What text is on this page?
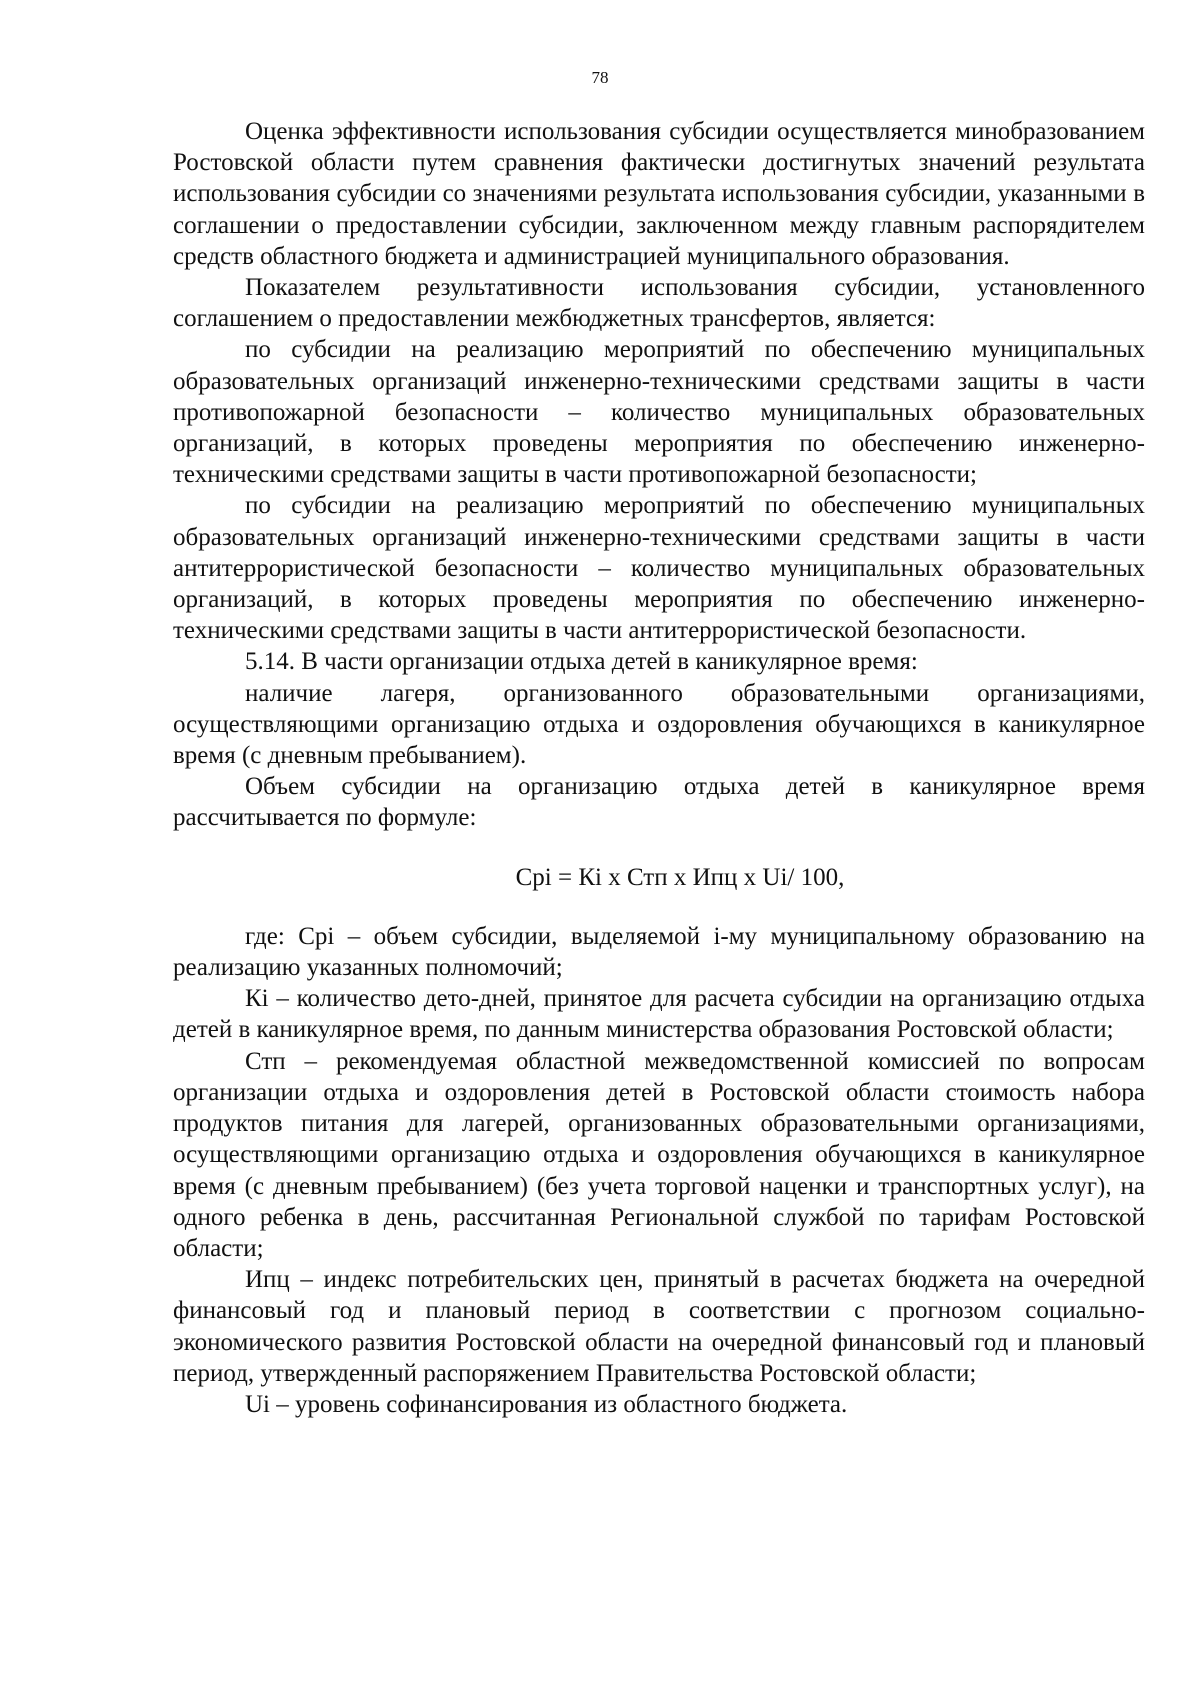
78

Оценка эффективности использования субсидии осуществляется минобразованием Ростовской области путем сравнения фактически достигнутых значений результата использования субсидии со значениями результата использования субсидии, указанными в соглашении о предоставлении субсидии, заключенном между главным распорядителем средств областного бюджета и администрацией муниципального образования.

Показателем результативности использования субсидии, установленного соглашением о предоставлении межбюджетных трансфертов, является:

по субсидии на реализацию мероприятий по обеспечению муниципальных образовательных организаций инженерно-техническими средствами защиты в части противопожарной безопасности – количество муниципальных образовательных организаций, в которых проведены мероприятия по обеспечению инженерно-техническими средствами защиты в части противопожарной безопасности;

по субсидии на реализацию мероприятий по обеспечению муниципальных образовательных организаций инженерно-техническими средствами защиты в части антитеррористической безопасности – количество муниципальных образовательных организаций, в которых проведены мероприятия по обеспечению инженерно-техническими средствами защиты в части антитеррористической безопасности.

5.14. В части организации отдыха детей в каникулярное время:

наличие лагеря, организованного образовательными организациями, осуществляющими организацию отдыха и оздоровления обучающихся в каникулярное время (с дневным пребыванием).

Объем субсидии на организацию отдыха детей в каникулярное время рассчитывается по формуле:

Срi = Кi х Стп х Ипц х Ui/ 100,

где: Срi – объем субсидии, выделяемой i-му муниципальному образованию на реализацию указанных полномочий;

Кi – количество дето-дней, принятое для расчета субсидии на организацию отдыха детей в каникулярное время, по данным министерства образования Ростовской области;

Стп – рекомендуемая областной межведомственной комиссией по вопросам организации отдыха и оздоровления детей в Ростовской области стоимость набора продуктов питания для лагерей, организованных образовательными организациями, осуществляющими организацию отдыха и оздоровления обучающихся в каникулярное время (с дневным пребыванием) (без учета торговой наценки и транспортных услуг), на одного ребенка в день, рассчитанная Региональной службой по тарифам Ростовской области;

Ипц – индекс потребительских цен, принятый в расчетах бюджета на очередной финансовый год и плановый период в соответствии с прогнозом социально-экономического развития Ростовской области на очередной финансовый год и плановый период, утвержденный распоряжением Правительства Ростовской области;

Ui – уровень софинансирования из областного бюджета.
